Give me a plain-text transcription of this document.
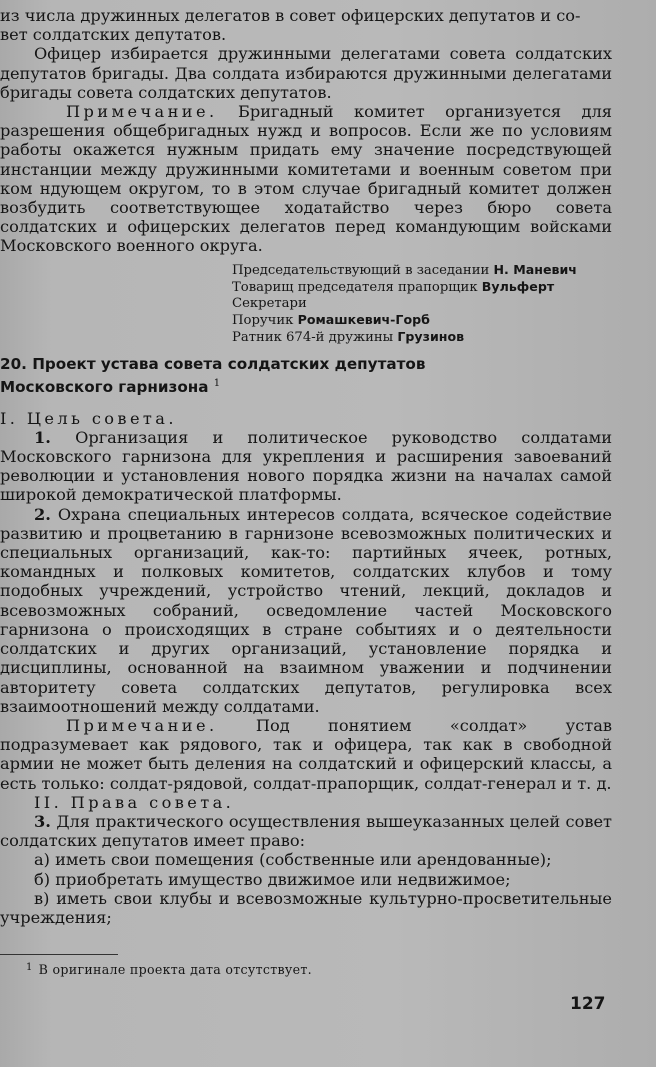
из числа дружинных делегатов в совет офицерских депутатов и со-
вет солдатских депутатов.

Офицер избирается дружинными делегатами совета солдатских депутатов бригады. Два солдата избираются дружинными делегатами бригады совета солдатских депутатов.

Примечание. Бригадный комитет организуется для разрешения общебригадных нужд и вопросов. Если же по условиям работы окажется нужным придать ему значение посредствующей инстанции между дружинными комитетами и военным советом при ком ндующем округом, то в этом случае бригадный комитет должен возбудить соответствующее ходатайство через бюро совета солдатских и офицерских делегатов перед командующим войсками Московского военного округа.

Председательствующий в заседании Н. Маневич
Товарищ председателя прапорщик Вульферт
Секретари
Поручик Ромашкевич-Горб
Ратник 674-й дружины Грузинов
20. Проект устава совета солдатских депутатов
Московского гарнизона $^1$

I. Цель совета.

1. Организация и политическое руководство солдатами Московского гарнизона для укрепления и расширения завоеваний революции и установления нового порядка жизни на началах самой широкой демократической платформы.

2. Охрана специальных интересов солдата, всяческое содействие развитию и процветанию в гарнизоне всевозможных политических и специальных организаций, как-то: партийных ячеек, ротных, командных и полковых комитетов, солдатских клубов и тому подобных учреждений, устройство чтений, лекций, докладов и всевозможных собраний, осведомление частей Московского гарнизона о происходящих в стране событиях и о деятельности солдатских и других организаций, установление порядка и дисциплины, основанной на взаимном уважении и подчинении авторитету совета солдатских депутатов, регулировка всех взаимоотношений между солдатами.

Примечание. Под понятием «солдат» устав подразумевает как рядового, так и офицера, так как в свободной армии не может быть деления на солдатский и офицерский классы, а есть только: солдат-рядовой, солдат-прапорщик, солдат-генерал и т. д.

II. Права совета.

3. Для практического осуществления вышеуказанных целей совет солдатских депутатов имеет право:

а) иметь свои помещения (собственные или арендованные);

б) приобретать имущество движимое или недвижимое;

в) иметь свои клубы и всевозможные культурно-просветительные учреждения;

$^1$ В оригинале проекта дата отсутствует.
127
